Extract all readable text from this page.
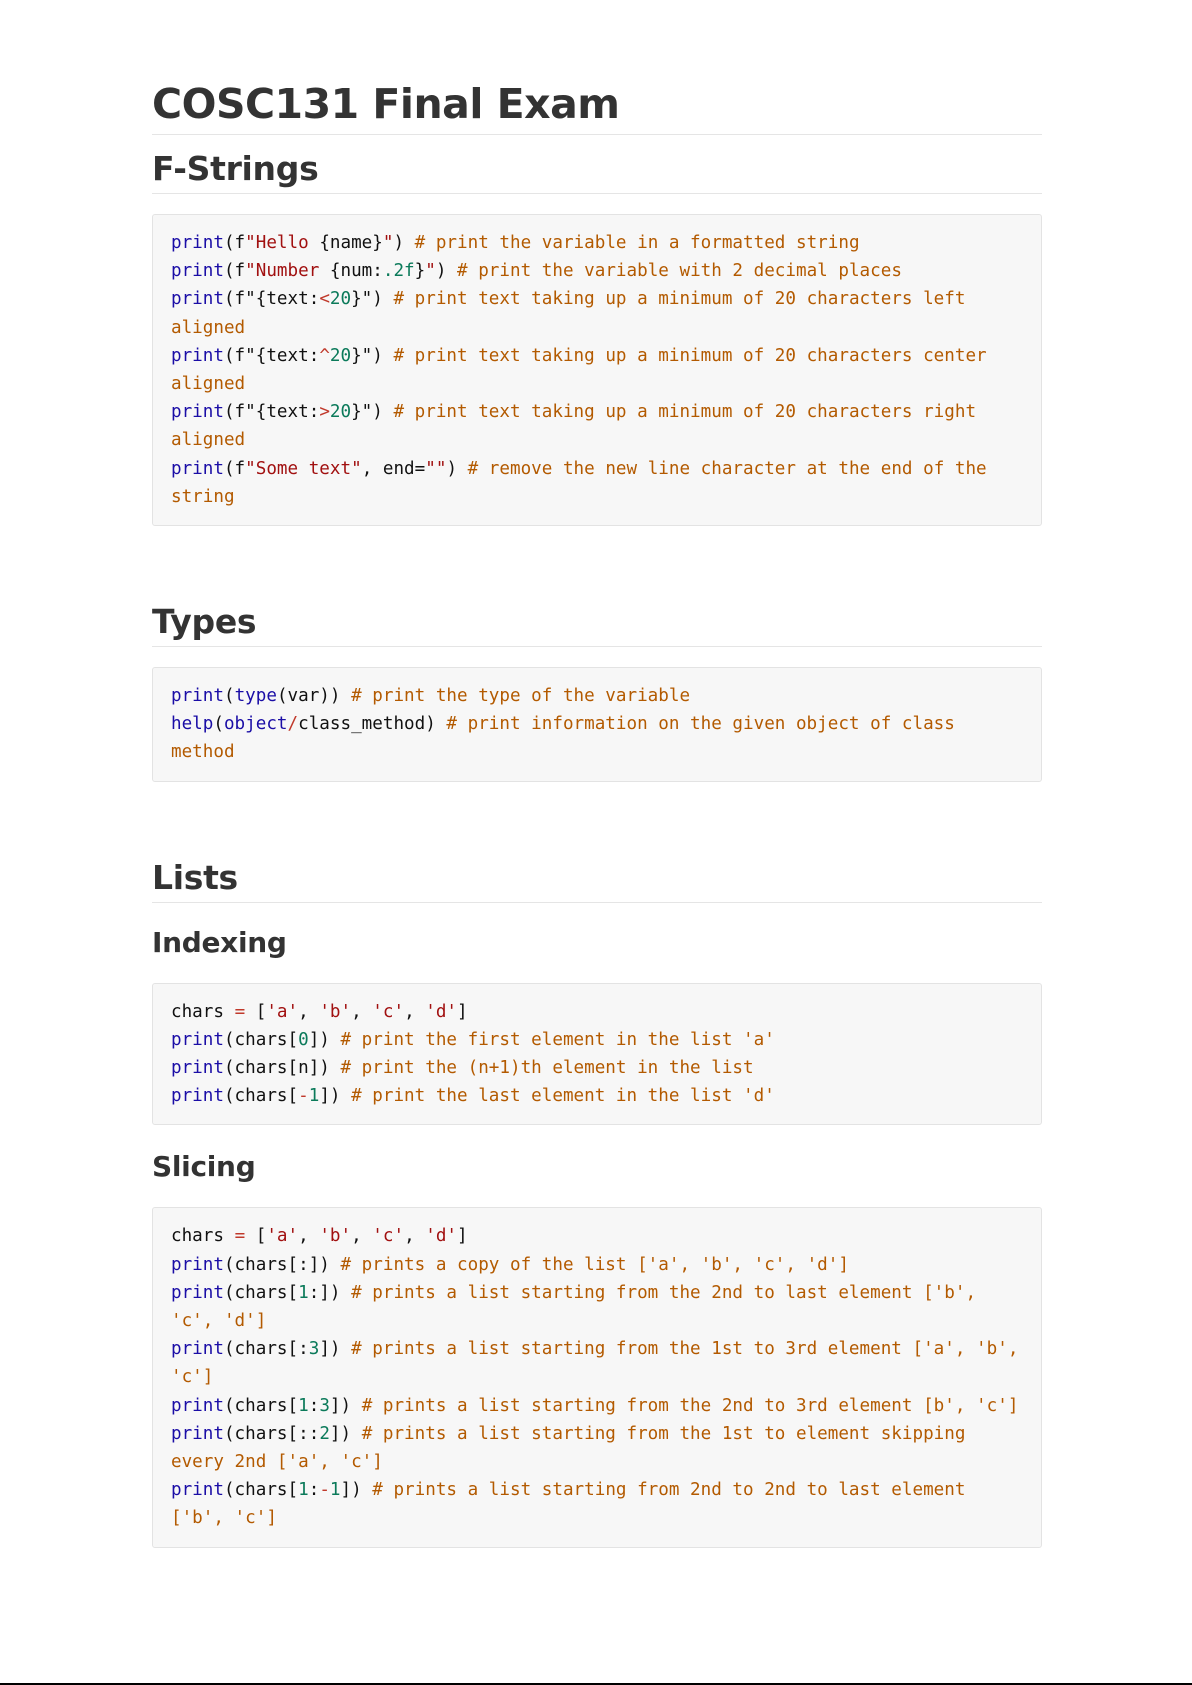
COSC131 Final Exam
F-Strings
print(f"Hello {name}") # print the variable in a formatted string
print(f"Number {num:.2f}") # print the variable with 2 decimal places
print(f"{text:<20}") # print text taking up a minimum of 20 characters left aligned
print(f"{text:^20}") # print text taking up a minimum of 20 characters center aligned
print(f"{text:>20}") # print text taking up a minimum of 20 characters right aligned
print(f"Some text", end="") # remove the new line character at the end of the string
Types
print(type(var)) # print the type of the variable
help(object/class_method) # print information on the given object of class method
Lists
Indexing
chars = ['a', 'b', 'c', 'd']
print(chars[0]) # print the first element in the list 'a'
print(chars[n]) # print the (n+1)th element in the list
print(chars[-1]) # print the last element in the list 'd'
Slicing
chars = ['a', 'b', 'c', 'd']
print(chars[:]) # prints a copy of the list ['a', 'b', 'c', 'd']
print(chars[1:]) # prints a list starting from the 2nd to last element ['b', 'c', 'd']
print(chars[:3]) # prints a list starting from the 1st to 3rd element ['a', 'b', 'c']
print(chars[1:3]) # prints a list starting from the 2nd to 3rd element [b', 'c']
print(chars[::2]) # prints a list starting from the 1st to element skipping every 2nd ['a', 'c']
print(chars[1:-1]) # prints a list starting from 2nd to 2nd to last element ['b', 'c']
